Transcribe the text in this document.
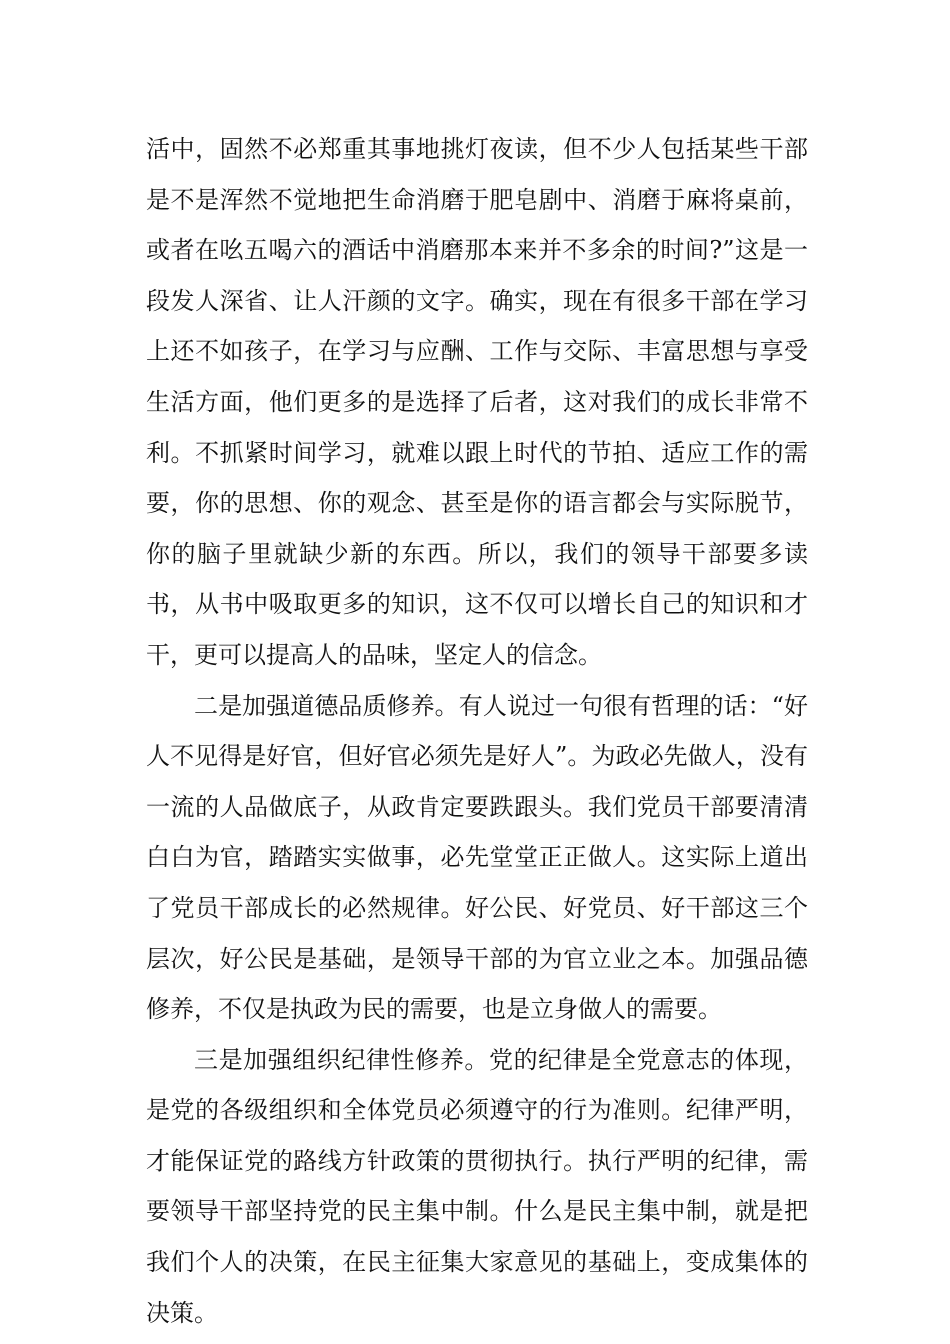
活中，固然不必郑重其事地挑灯夜读，但不少人包括某些干部是不是浑然不觉地把生命消磨于肥皂剧中、消磨于麻将桌前，或者在吆五喝六的酒话中消磨那本来并不多余的时间?”这是一段发人深省、让人汗颜的文字。确实，现在有很多干部在学习上还不如孩子，在学习与应酬、工作与交际、丰富思想与享受生活方面，他们更多的是选择了后者，这对我们的成长非常不利。不抓紧时间学习，就难以跟上时代的节拍、适应工作的需要，你的思想、你的观念、甚至是你的语言都会与实际脱节，你的脑子里就缺少新的东西。所以，我们的领导干部要多读书，从书中吸取更多的知识，这不仅可以增长自己的知识和才干，更可以提高人的品味，坚定人的信念。

二是加强道德品质修养。有人说过一句很有哲理的话：“好人不见得是好官，但好官必须先是好人”。为政必先做人，没有一流的人品做底子，从政肯定要跌跟头。我们党员干部要清清白白为官，踏踏实实做事，必先堂堂正正做人。这实际上道出了党员干部成长的必然规律。好公民、好党员、好干部这三个层次，好公民是基础，是领导干部的为官立业之本。加强品德修养，不仅是执政为民的需要，也是立身做人的需要。

三是加强组织纪律性修养。党的纪律是全党意志的体现，是党的各级组织和全体党员必须遵守的行为准则。纪律严明，才能保证党的路线方针政策的贯彻执行。执行严明的纪律，需要领导干部坚持党的民主集中制。什么是民主集中制，就是把我们个人的决策，在民主征集大家意见的基础上，变成集体的决策。
